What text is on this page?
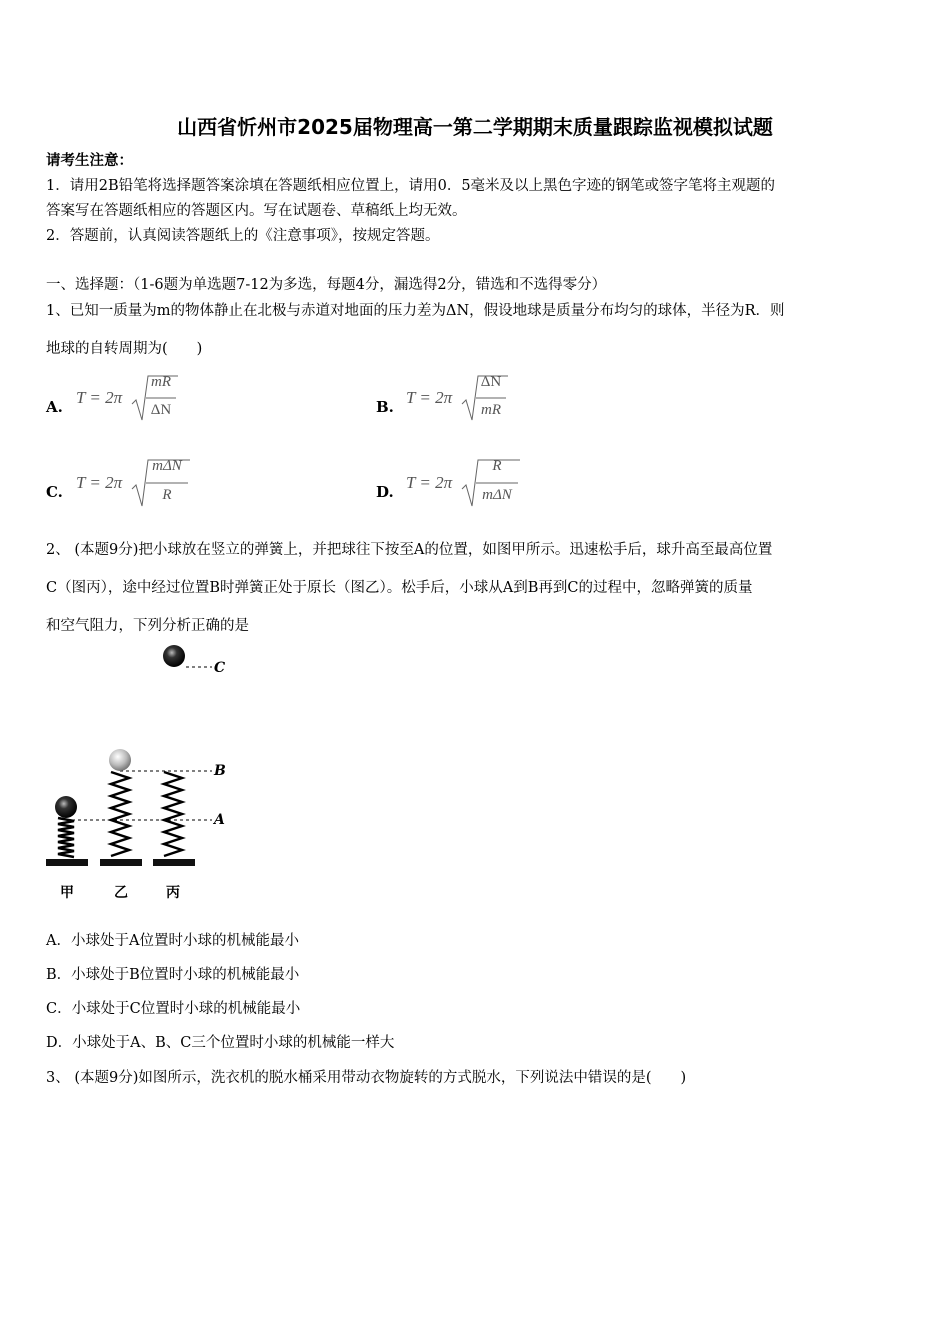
山西省忻州市2025届物理高一第二学期期末质量跟踪监视模拟试题
请考生注意：
1．请用2B铅笔将选择题答案涂填在答题纸相应位置上，请用0．5毫米及以上黑色字迹的钢笔或签字笔将主观题的
答案写在答题纸相应的答题区内。写在试题卷、草稿纸上均无效。
2．答题前，认真阅读答题纸上的《注意事项》，按规定答题。
一、选择题：（1-6题为单选题7-12为多选，每题4分，漏选得2分，错选和不选得零分）
1、已知一质量为m的物体静止在北极与赤道对地面的压力差为ΔN，假设地球是质量分布均匀的球体，半径为R．则
地球的自转周期为(　　)
A. T = 2π
mR
ΔN	B. T = 2π
ΔN
mR
C. T = 2π
mΔN
R	D. T = 2π
R
mΔN
2、 (本题9分)把小球放在竖立的弹簧上，并把球往下按至A的位置，如图甲所示。迅速松手后，球升高至最高位置
C（图丙），途中经过位置B时弹簧正处于原长（图乙）。松手后，小球从A到B再到C的过程中，忽略弹簧的质量
和空气阻力，下列分析正确的是
C
B
A
甲	乙	丙
A．小球处于A位置时小球的机械能最小
B．小球处于B位置时小球的机械能最小
C．小球处于C位置时小球的机械能最小
D．小球处于A、B、C三个位置时小球的机械能一样大
3、 (本题9分)如图所示，洗衣机的脱水桶采用带动衣物旋转的方式脱水，下列说法中错误的是(　　)
